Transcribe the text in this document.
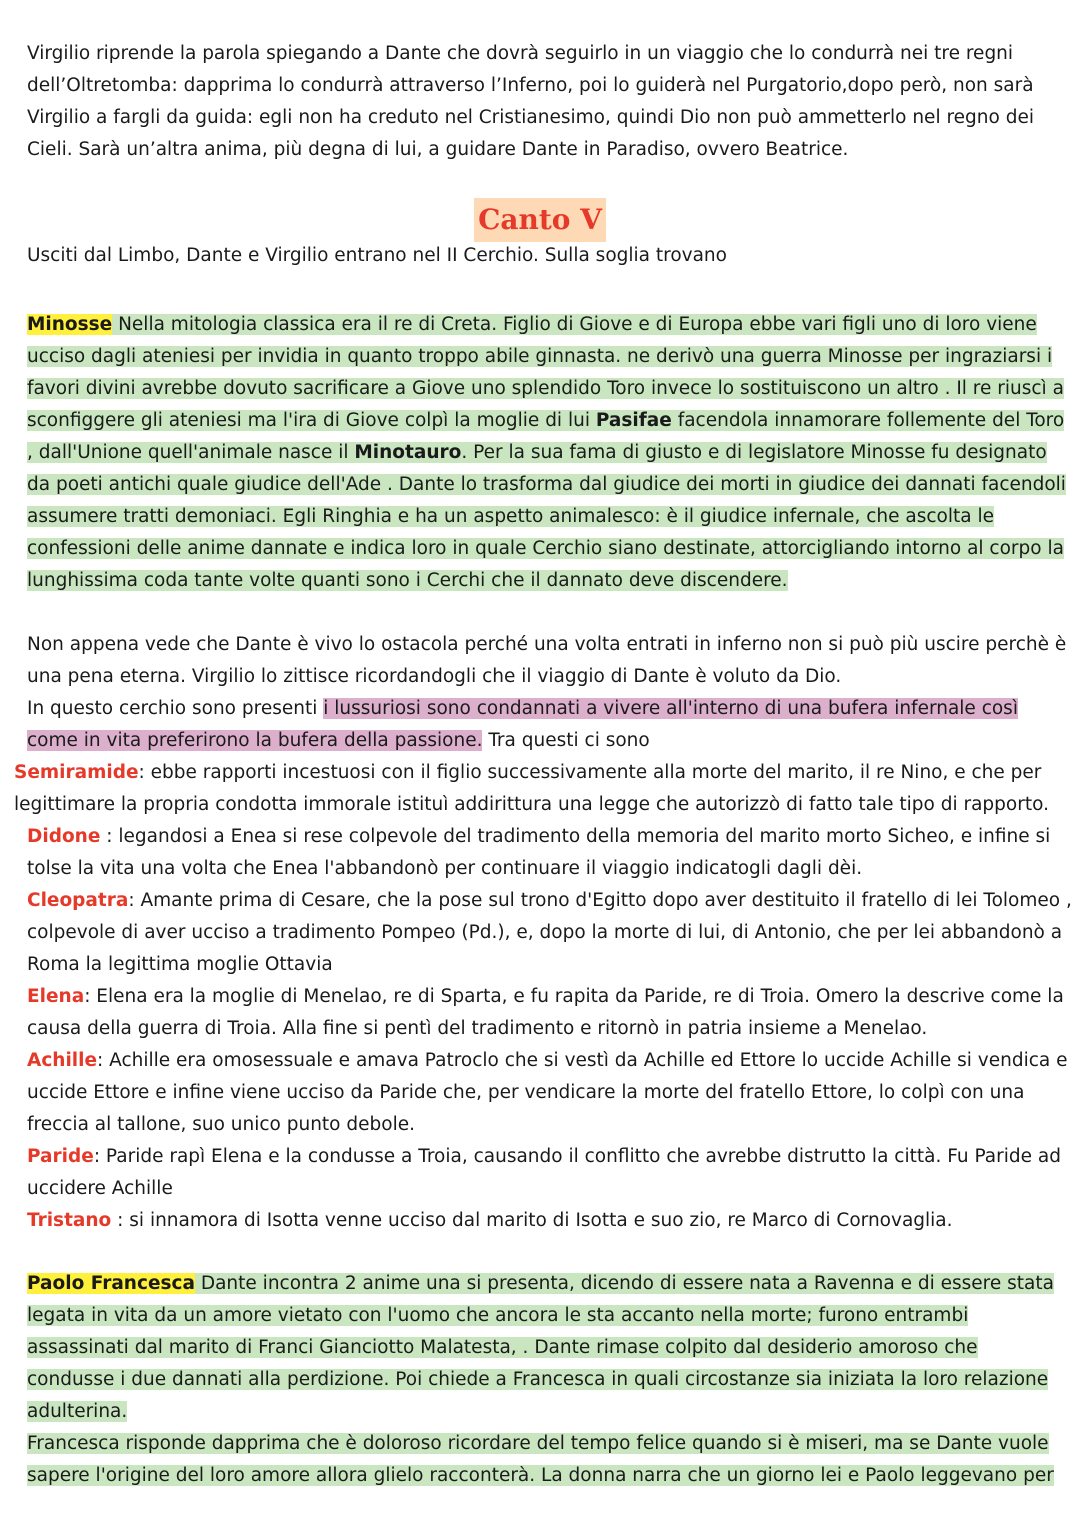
Virgilio riprende la parola spiegando a Dante che dovrà seguirlo in un viaggio che lo condurrà nei tre regni dell’Oltretomba: dapprima lo condurrà attraverso l’Inferno, poi lo guiderà nel Purgatorio,dopo però, non sarà Virgilio a fargli da guida: egli non ha creduto nel Cristianesimo, quindi Dio non può ammetterlo nel regno dei Cieli. Sarà un’altra anima, più degna di lui, a guidare Dante in Paradiso, ovvero Beatrice.

Canto V

Usciti dal Limbo, Dante e Virgilio entrano nel II Cerchio. Sulla soglia trovano

Minosse Nella mitologia classica era il re di Creta. Figlio di Giove e di Europa ebbe vari figli uno di loro viene ucciso dagli ateniesi per invidia in quanto troppo abile ginnasta. ne derivò una guerra Minosse per ingraziarsi i favori divini avrebbe dovuto sacrificare a Giove uno splendido Toro invece lo sostituiscono un altro . Il re riuscì a sconfiggere gli ateniesi ma l'ira di Giove colpì la moglie di lui Pasifae facendola innamorare follemente del Toro , dall'Unione quell'animale nasce il Minotauro. Per la sua fama di giusto e di legislatore Minosse fu designato da poeti antichi quale giudice dell'Ade . Dante lo trasforma dal giudice dei morti in giudice dei dannati facendoli assumere tratti demoniaci. Egli Ringhia e ha un aspetto animalesco: è il giudice infernale, che ascolta le confessioni delle anime dannate e indica loro in quale Cerchio siano destinate, attorcigliando intorno al corpo la lunghissima coda tante volte quanti sono i Cerchi che il dannato deve discendere.

Non appena vede che Dante è vivo lo ostacola perché una volta entrati in inferno non si può più uscire perchè è una pena eterna. Virgilio lo zittisce ricordandogli che il viaggio di Dante è voluto da Dio.
In questo cerchio sono presenti i lussuriosi sono condannati a vivere all'interno di una bufera infernale così come in vita preferirono la bufera della passione. Tra questi ci sono

Semiramide: ebbe rapporti incestuosi con il figlio successivamente alla morte del marito, il re Nino, e che per legittimare la propria condotta immorale istituì addirittura una legge che autorizzò di fatto tale tipo di rapporto.
Didone : legandosi a Enea si rese colpevole del tradimento della memoria del marito morto Sicheo, e infine si tolse la vita una volta che Enea l'abbandonò per continuare il viaggio indicatogli dagli dèi.
Cleopatra: Amante prima di Cesare, che la pose sul trono d'Egitto dopo aver destituito il fratello di lei Tolomeo , colpevole di aver ucciso a tradimento Pompeo (Pd.), e, dopo la morte di lui, di Antonio, che per lei abbandonò a Roma la legittima moglie Ottavia
Elena: Elena era la moglie di Menelao, re di Sparta, e fu rapita da Paride, re di Troia. Omero la descrive come la causa della guerra di Troia. Alla fine si pentì del tradimento e ritornò in patria insieme a Menelao.
Achille: Achille era omosessuale e amava Patroclo che si vestì da Achille ed Ettore lo uccide Achille si vendica e uccide Ettore e infine viene ucciso da Paride che, per vendicare la morte del fratello Ettore, lo colpì con una freccia al tallone, suo unico punto debole.
Paride: Paride rapì Elena e la condusse a Troia, causando il conflitto che avrebbe distrutto la città. Fu Paride ad uccidere Achille
Tristano : si innamora di Isotta venne ucciso dal marito di Isotta e suo zio, re Marco di Cornovaglia.

Paolo Francesca Dante incontra 2 anime una si presenta, dicendo di essere nata a Ravenna e di essere stata legata in vita da un amore vietato con l'uomo che ancora le sta accanto nella morte; furono entrambi assassinati dal marito di Franci Gianciotto Malatesta, . Dante rimase colpito dal desiderio amoroso che condusse i due dannati alla perdizione. Poi chiede a Francesca in quali circostanze sia iniziata la loro relazione adulterina.

Francesca risponde dapprima che è doloroso ricordare del tempo felice quando si è miseri, ma se Dante vuole sapere l'origine del loro amore allora glielo racconterà. La donna narra che un giorno lei e Paolo leggevano per
